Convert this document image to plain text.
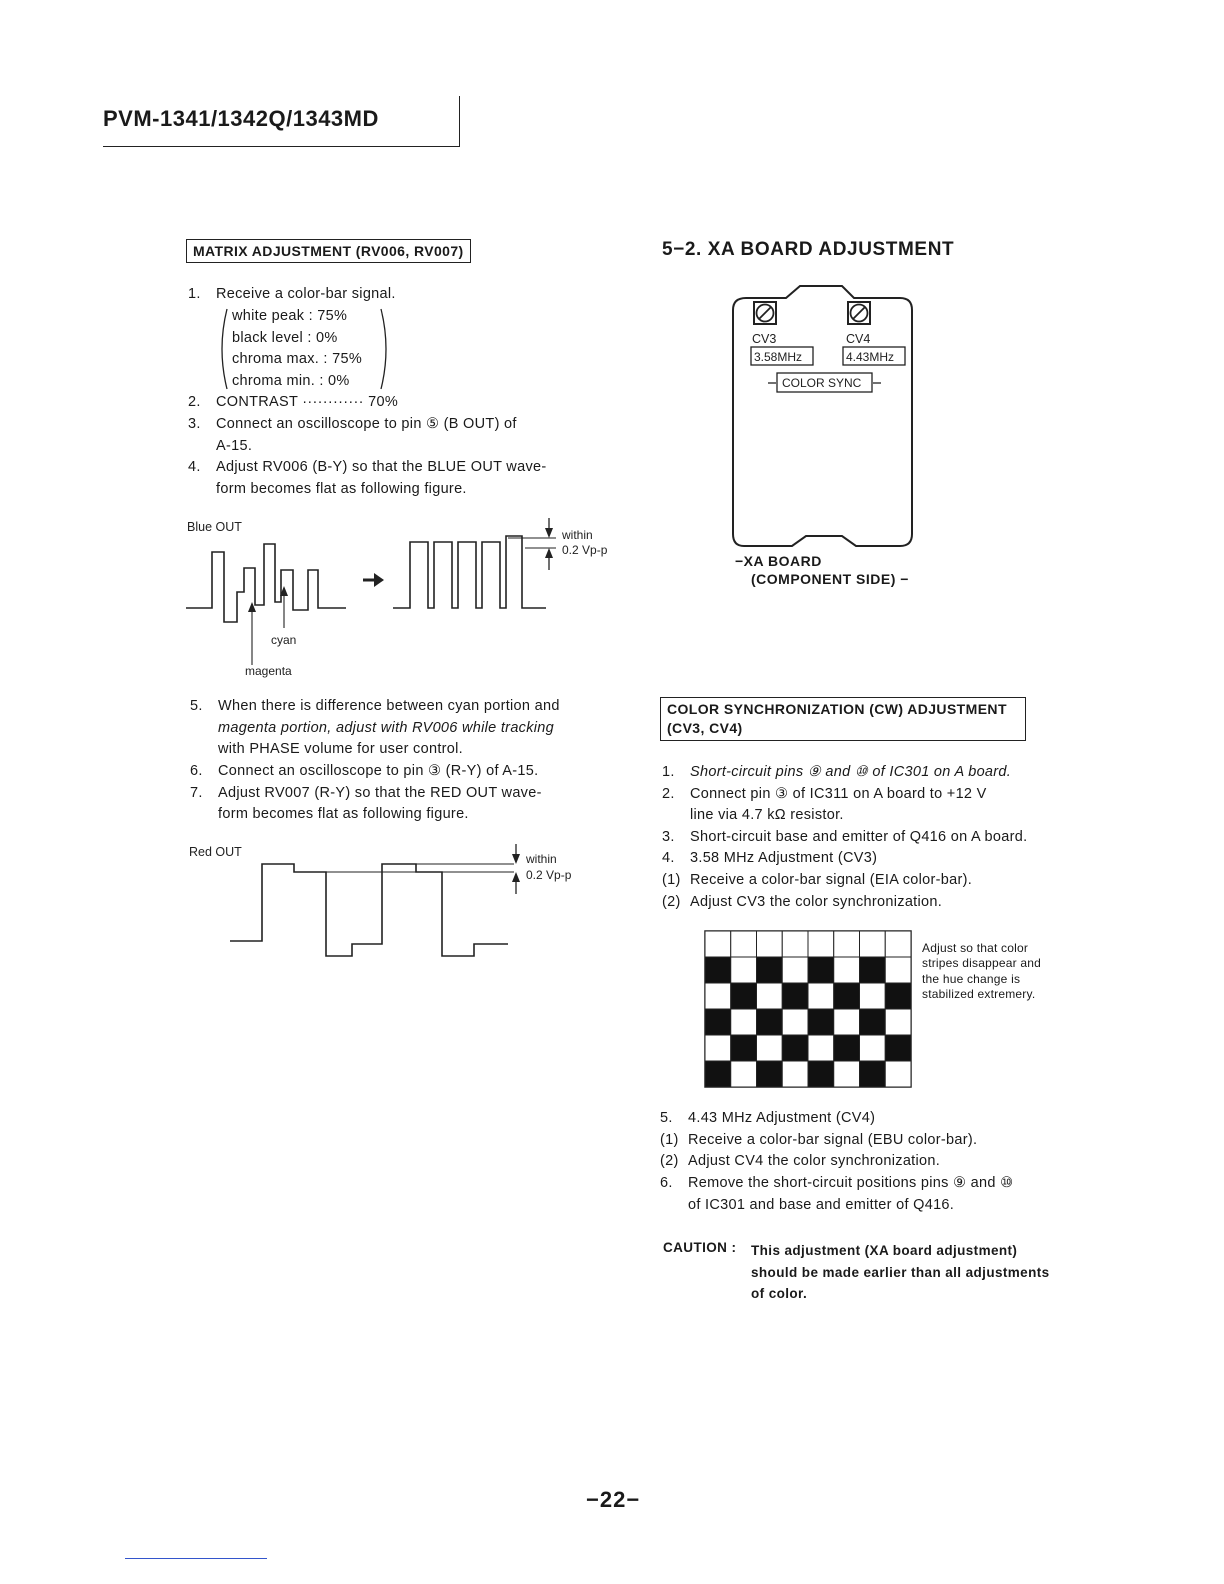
PVM-1341/1342Q/1343MD
MATRIX ADJUSTMENT (RV006, RV007)
1. Receive a color-bar signal.
2. CONTRAST ············ 70%
3. Connect an oscilloscope to pin ⑤ (B OUT) of
A-15.
4. Adjust RV006 (B-Y) so that the BLUE OUT wave-
form becomes flat as following figure.
white peak : 75%
black level : 0%
chroma max. : 75%
chroma min. : 0%
Blue OUT
within
0.2 Vp-p
cyan
magenta
5. When there is difference between cyan portion and
magenta portion, adjust with RV006 while tracking
with PHASE volume for user control.
6. Connect an oscilloscope to pin ③ (R-Y) of A-15.
7. Adjust RV007 (R-Y) so that the RED OUT wave-
form becomes flat as following figure.
Red OUT	within
0.2 Vp-p
5−2. XA BOARD ADJUSTMENT
CV3	CV4
3.58MHz	4.43MHz
COLOR SYNC
−XA BOARD
(COMPONENT SIDE) −
COLOR SYNCHRONIZATION (CW) ADJUSTMENT
(CV3, CV4)
1. Short-circuit pins ⑨ and ⑩ of IC301 on A board.
2. Connect pin ③ of IC311 on A board to +12 V
line via 4.7 kΩ resistor.
3. Short-circuit base and emitter of Q416 on A board.
4. 3.58 MHz Adjustment (CV3)
(1) Receive a color-bar signal (EIA color-bar).
(2) Adjust CV3 the color synchronization.
Adjust so that color
stripes disappear and
the hue change is
stabilized extremery.
5. 4.43 MHz Adjustment (CV4)
(1) Receive a color-bar signal (EBU color-bar).
(2) Adjust CV4 the color synchronization.
6. Remove the short-circuit positions pins ⑨ and ⑩
of IC301 and base and emitter of Q416.
CAUTION : This adjustment (XA board adjustment)
should be made earlier than all adjustments
of color.
−22−
